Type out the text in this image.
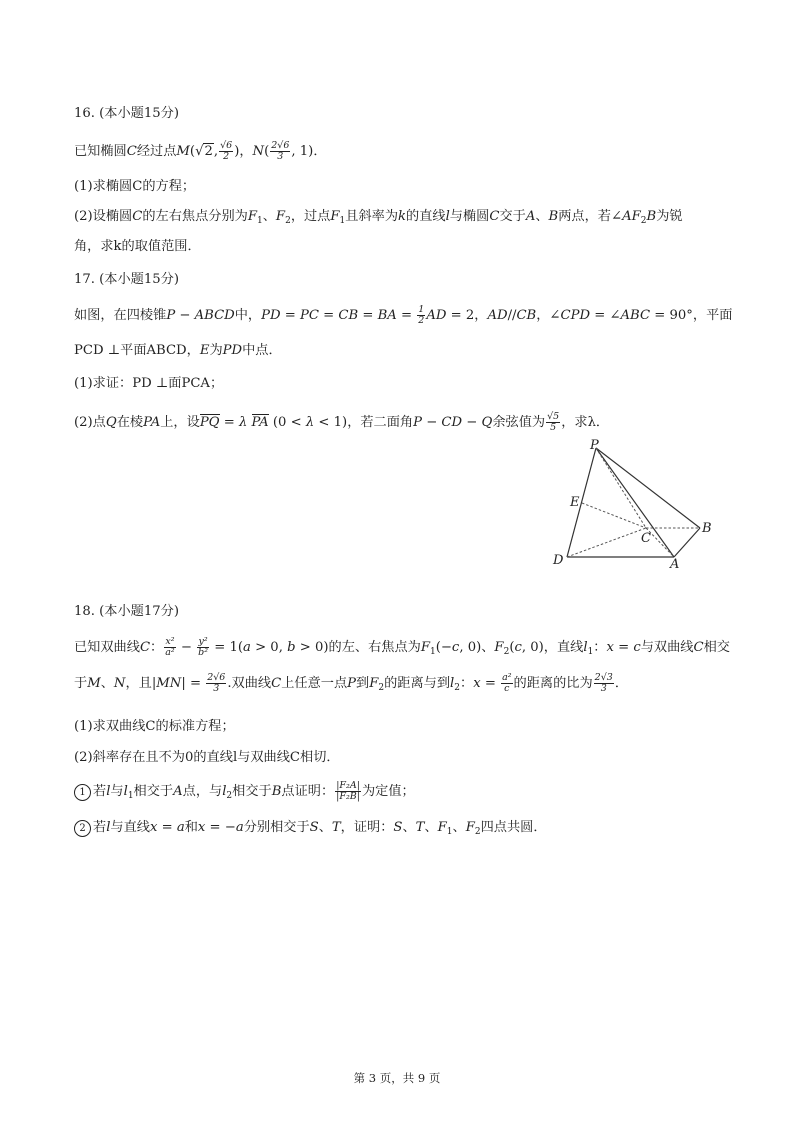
16. (本小题15分)
已知椭圆C经过点M(√2, $\frac{√6}{2}$ )，$N( \frac{2√6}{3}$ , 1)．
(1)求椭圆C的方程；
(2)设椭圆C的左右焦点分别为$F_1$、$F_2$，过点$F_1$且斜率为k的直线l与椭圆C交于A、B两点，若$\angle AF_2B$为锐
角，求k的取值范围．
17. (本小题15分)
如图，在四棱锥P − ABCD中，PD = PC = CB = BA = $\frac{1}{2}$ AD = 2，AD//CB，∠CPD = ∠ABC = 90°，平面
PCD ⊥平面ABCD，E为PD中点．
(1)求证：PD ⊥面PCA；
(2)点Q在棱PA上，设PQ = λ PA (0 < λ < 1)，若二面角P − CD − Q余弦值为 $\frac{√5}{5}$ ，求λ．
P
E
C
B
D	A
18. (本小题17分)
已知双曲线C： $\frac{\text{x²}}{\text{a²}} - \frac{\text{y²}}{\text{b²}} = 1(a > 0$, b > 0)的左、右焦点为$F_1(-c$, 0)、$F_2(c$, 0)，直线$l_1$：x = c与双曲线C相交
于M、N，且$|MN| = \frac{2√6}{3}$ .双曲线C上任意一点P到$F_2$的距离与到$l_2$：$x = \frac{\text{a²}}{c}$ 的距离的比为 $\frac{2√3}{3}$ ．
(1)求双曲线C的标准方程；
(2)斜率存在且不为0的直线l与双曲线C相切．
1 若l与$l_1$相交于A点，与$l_2$相交于B点证明： $\frac{\text{|F₂A|}}{\text{|F₂B|}}$ 为定值；
2 若l与直线x = a和x = −a分别相交于S、T，证明：S、T、$F_1$、$F_2$四点共圆．
第 3 页，共 9 页
